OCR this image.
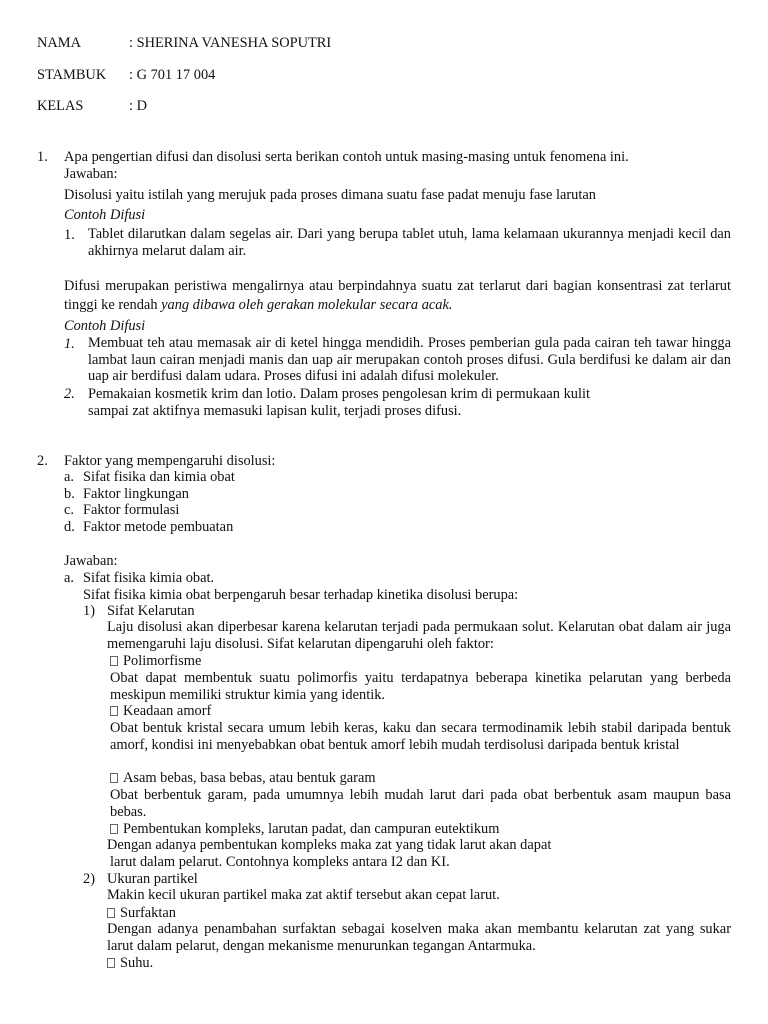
NAMA	: SHERINA VANESHA SOPUTRI
STAMBUK : G 701 17 004
KELAS	: D
1. Apa pengertian difusi dan disolusi serta berikan contoh untuk masing-masing untuk fenomena ini.
Jawaban:
Disolusi yaitu istilah yang merujuk pada proses dimana suatu fase padat menuju fase larutan
Contoh Difusi
1. Tablet dilarutkan dalam segelas air. Dari yang berupa tablet utuh, lama kelamaan ukurannya menjadi kecil dan akhirnya melarut dalam air.
Difusi merupakan peristiwa mengalirnya atau berpindahnya suatu zat terlarut dari bagian konsentrasi zat terlarut tinggi ke rendah yang dibawa oleh gerakan molekular secara acak.
Contoh Difusi
1. Membuat teh atau memasak air di ketel hingga mendidih. Proses pemberian gula pada cairan teh tawar hingga lambat laun cairan menjadi manis dan uap air merupakan contoh proses difusi. Gula berdifusi ke dalam air dan uap air berdifusi dalam udara. Proses difusi ini adalah difusi molekuler.
2. Pemakaian kosmetik krim dan lotio. Dalam proses pengolesan krim di permukaan kulit
sampai zat aktifnya memasuki lapisan kulit, terjadi proses difusi.
2. Faktor yang mempengaruhi disolusi:
a. Sifat fisika dan kimia obat
b. Faktor lingkungan
c. Faktor formulasi
d. Faktor metode pembuatan
Jawaban:
a. Sifat fisika kimia obat.
Sifat fisika kimia obat berpengaruh besar terhadap kinetika disolusi berupa:
1) Sifat Kelarutan
Laju disolusi akan diperbesar karena kelarutan terjadi pada permukaan solut. Kelarutan obat dalam air juga memengaruhi laju disolusi. Sifat kelarutan dipengaruhi oleh faktor:
Polimorfisme
Obat dapat membentuk suatu polimorfis yaitu terdapatnya beberapa kinetika pelarutan yang berbeda meskipun memiliki struktur kimia yang identik.
Keadaan amorf
Obat bentuk kristal secara umum lebih keras, kaku dan secara termodinamik lebih stabil daripada bentuk amorf, kondisi ini menyebabkan obat bentuk amorf lebih mudah terdisolusi daripada bentuk kristal
Asam bebas, basa bebas, atau bentuk garam
Obat berbentuk garam, pada umumnya lebih mudah larut dari pada obat berbentuk asam maupun basa bebas.
Pembentukan kompleks, larutan padat, dan campuran eutektikum
Dengan adanya pembentukan kompleks maka zat yang tidak larut akan dapat
larut dalam pelarut. Contohnya kompleks antara I2 dan KI.
2) Ukuran partikel
Makin kecil ukuran partikel maka zat aktif tersebut akan cepat larut.
Surfaktan
Dengan adanya penambahan surfaktan sebagai koselven maka akan membantu kelarutan zat yang sukar larut dalam pelarut, dengan mekanisme menurunkan tegangan Antarmuka.
Suhu.
